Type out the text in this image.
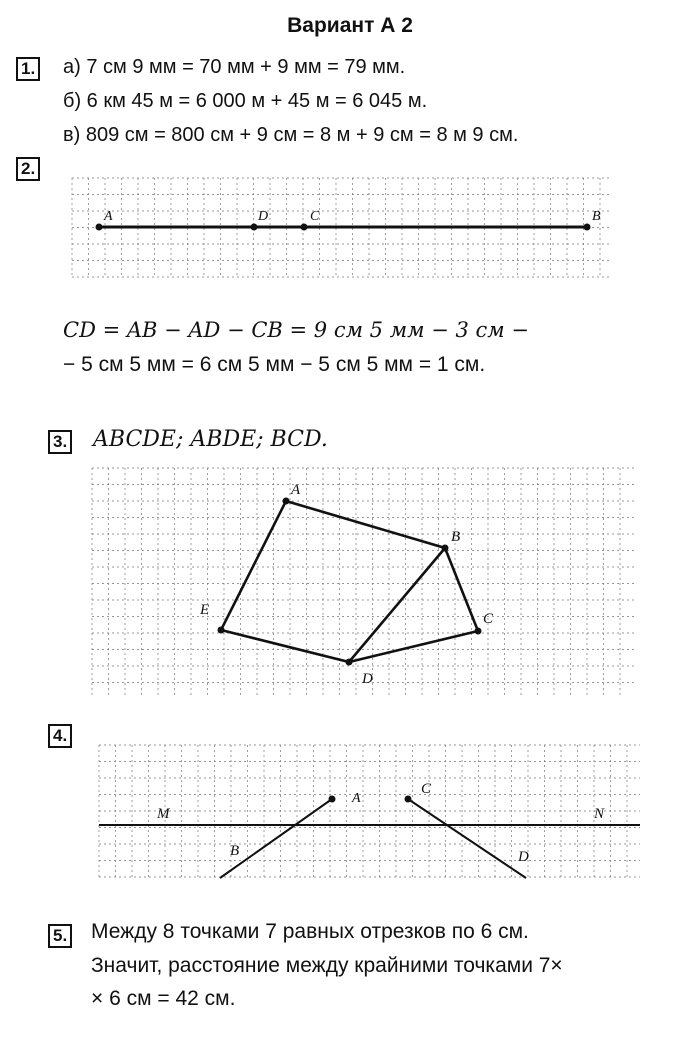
Вариант А 2
1. а) 7 см 9 мм = 70 мм + 9 мм = 79 мм.
б) 6 км 45 м = 6 000 м + 45 м = 6 045 м.
в) 809 см = 800 см + 9 см = 8 м + 9 см = 8 м 9 см.
2.
A	D	C	B
CD = AB − AD − CB = 9 см 5 мм − 3 см −
− 5 см 5 мм = 6 см 5 мм − 5 см 5 мм = 1 см.
3. ABCDE; ABDE; BCD.
A
B
C
D
E
4.
M	N
A
B
C
D
5. Между 8 точками 7 равных отрезков по 6 см.
Значит, расстояние между крайними точками 7×
× 6 см = 42 см.
